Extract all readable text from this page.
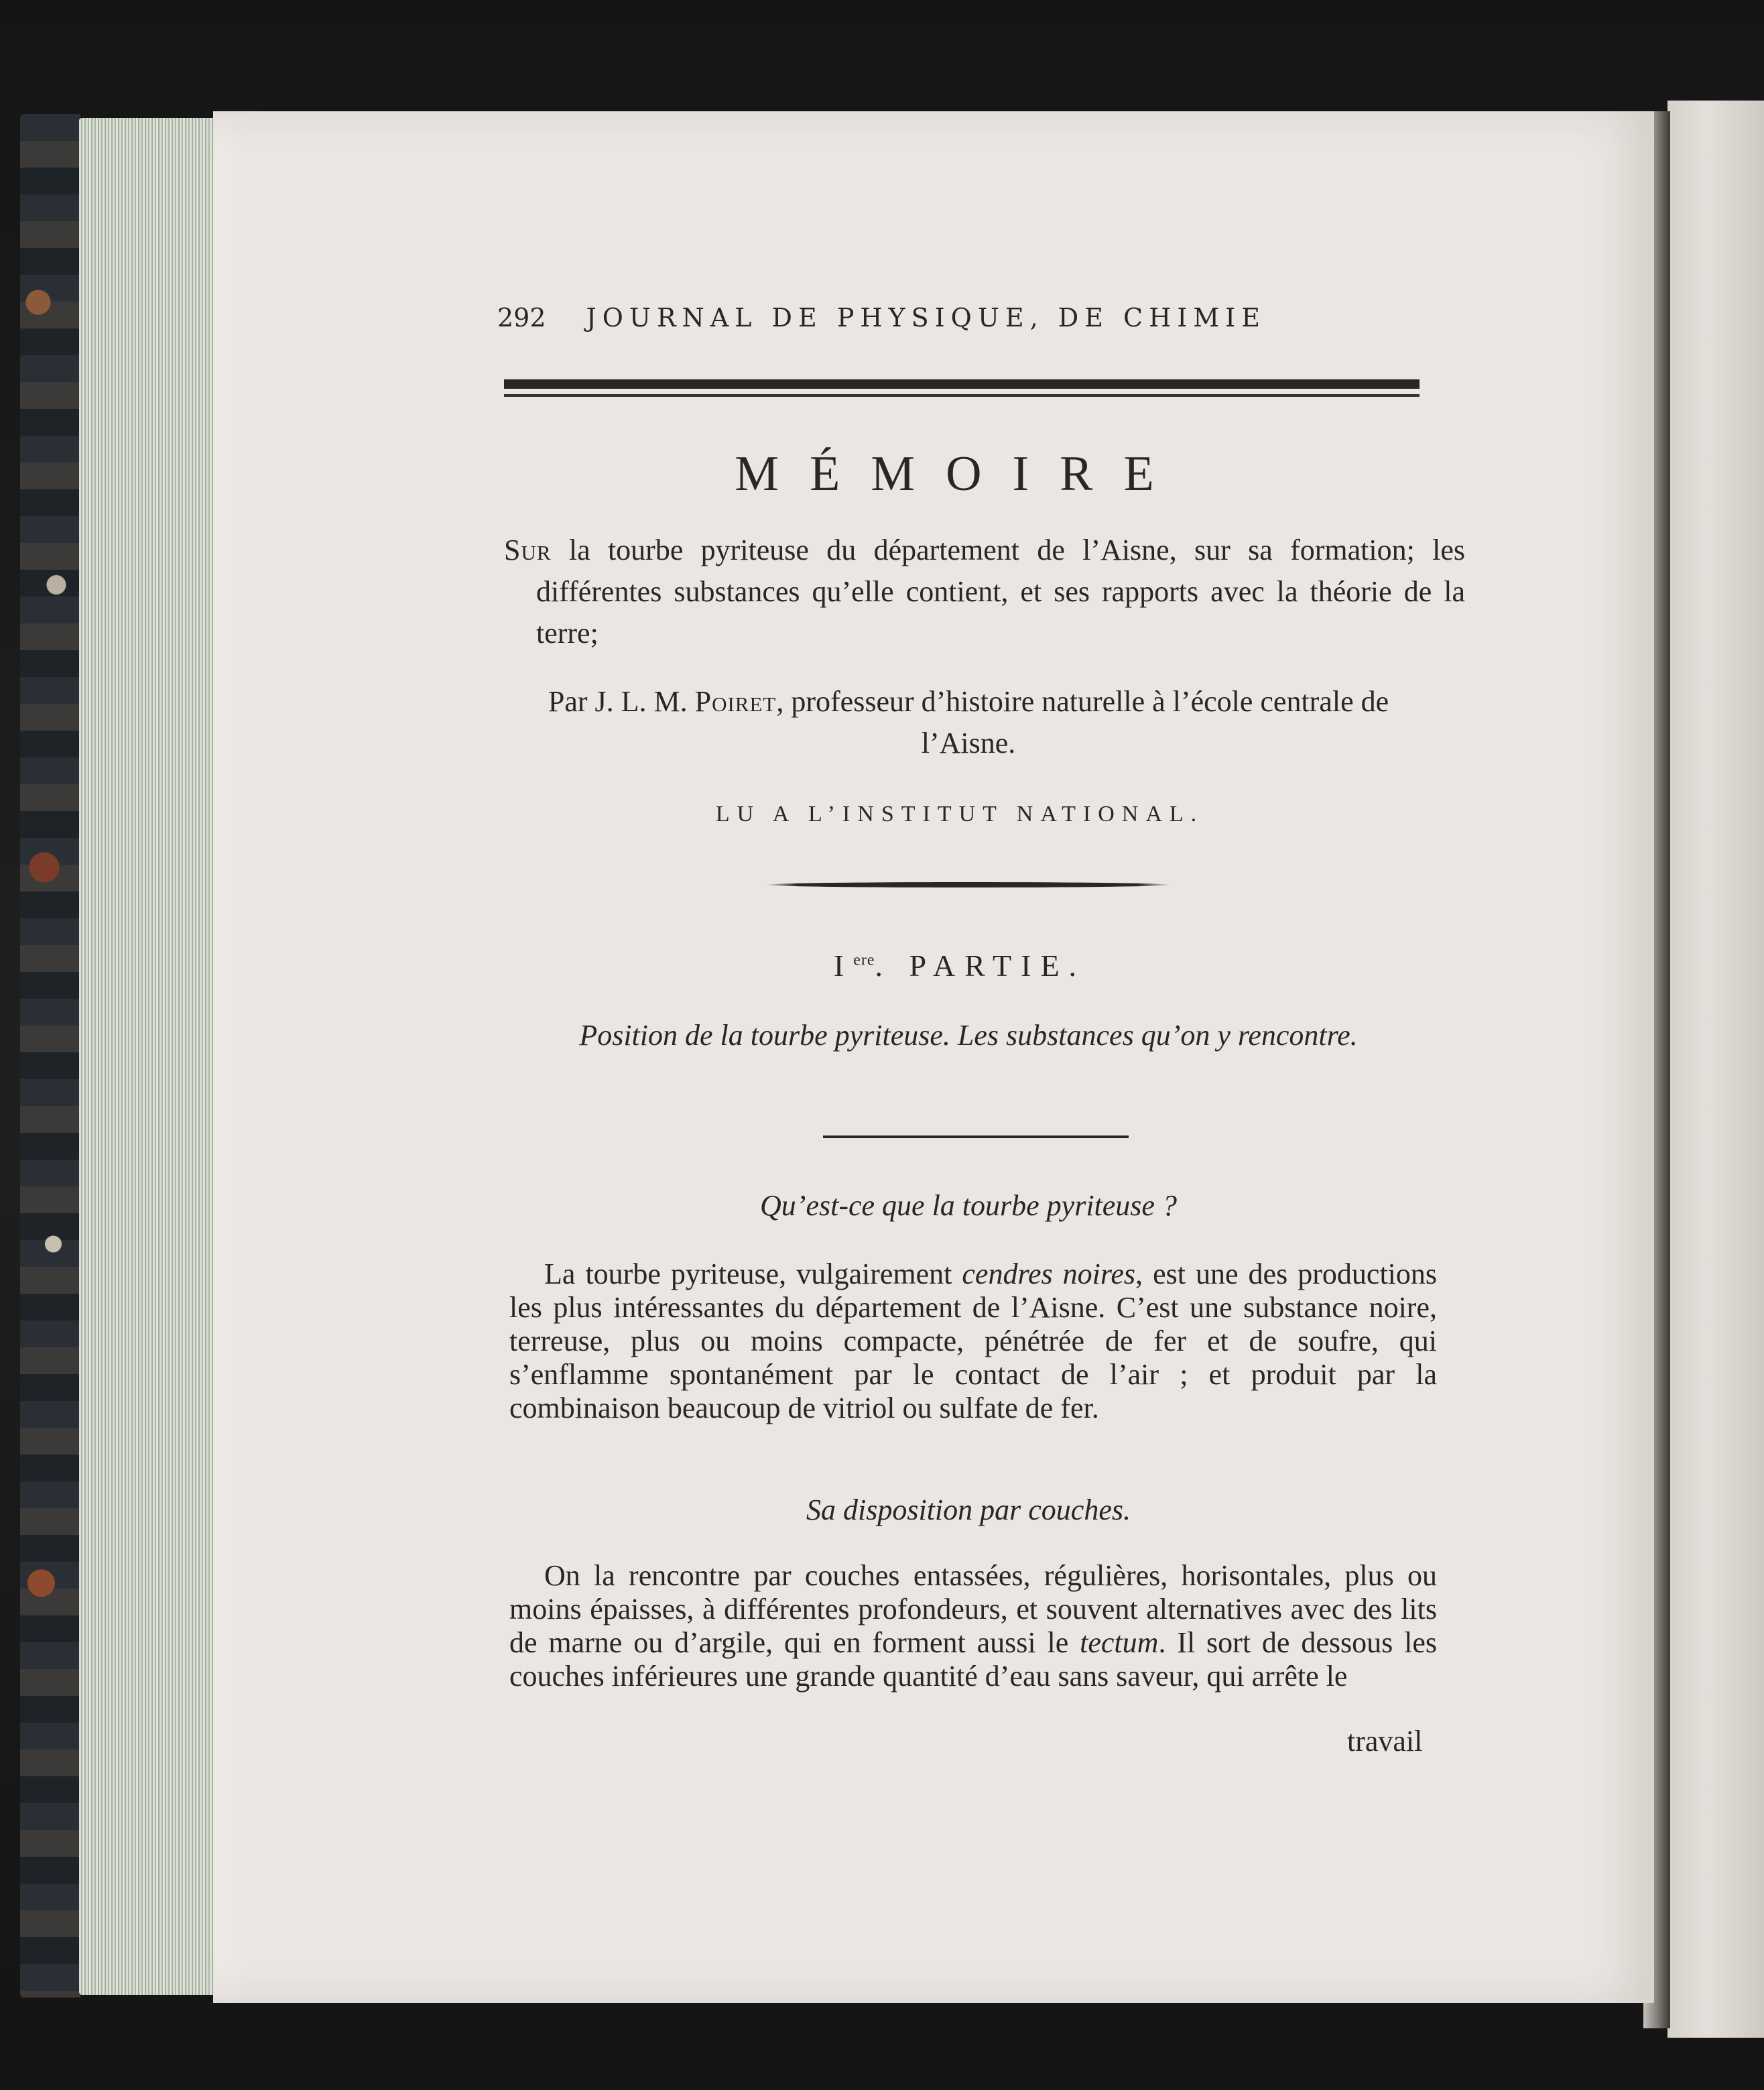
292 JOURNAL DE PHYSIQUE, DE CHIMIE
MÉMOIRE
Sur la tourbe pyriteuse du département de l’Aisne, sur sa formation; les différentes substances qu’elle contient, et ses rapports avec la théorie de la terre;
Par J. L. M. Poiret, professeur d’histoire naturelle à l’école centrale de l’Aisne.
LU A L’INSTITUT NATIONAL.
Iere. PARTIE.
Position de la tourbe pyriteuse. Les substances qu’on y rencontre.
Qu’est-ce que la tourbe pyriteuse ?
La tourbe pyriteuse, vulgairement cendres noires, est une des productions les plus intéressantes du département de l’Aisne. C’est une substance noire, terreuse, plus ou moins compacte, pénétrée de fer et de soufre, qui s’enflamme spontanément par le contact de l’air ; et produit par la combinaison beaucoup de vitriol ou sulfate de fer.
Sa disposition par couches.
On la rencontre par couches entassées, régulières, horisontales, plus ou moins épaisses, à différentes profondeurs, et souvent alternatives avec des lits de marne ou d’argile, qui en forment aussi le tectum. Il sort de dessous les couches inférieures une grande quantité d’eau sans saveur, qui arrête le
travail
